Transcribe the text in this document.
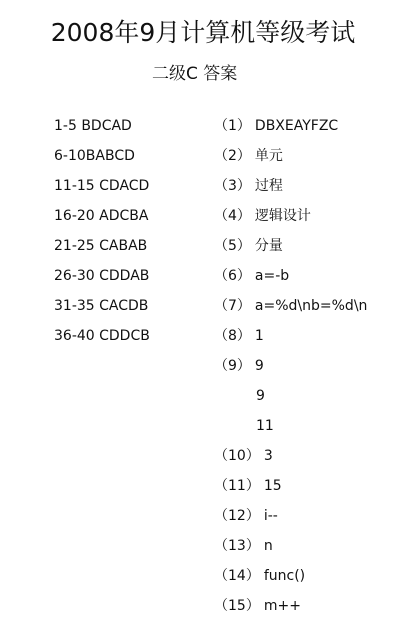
2008年9月计算机等级考试
二级C 答案
1-5 BDCAD
6-10BABCD
11-15 CDACD
16-20 ADCBA
21-25 CABAB
26-30 CDDAB
31-35 CACDB
36-40 CDDCB
（1） DBXEAYFZC
（2） 单元
（3） 过程
（4） 逻辑设计
（5） 分量
（6） a=-b
（7） a=%d\nb=%d\n
（8） 1
（9） 9
9
11
（10） 3
（11） 15
（12） i--
（13） n
（14） func()
（15） m++
